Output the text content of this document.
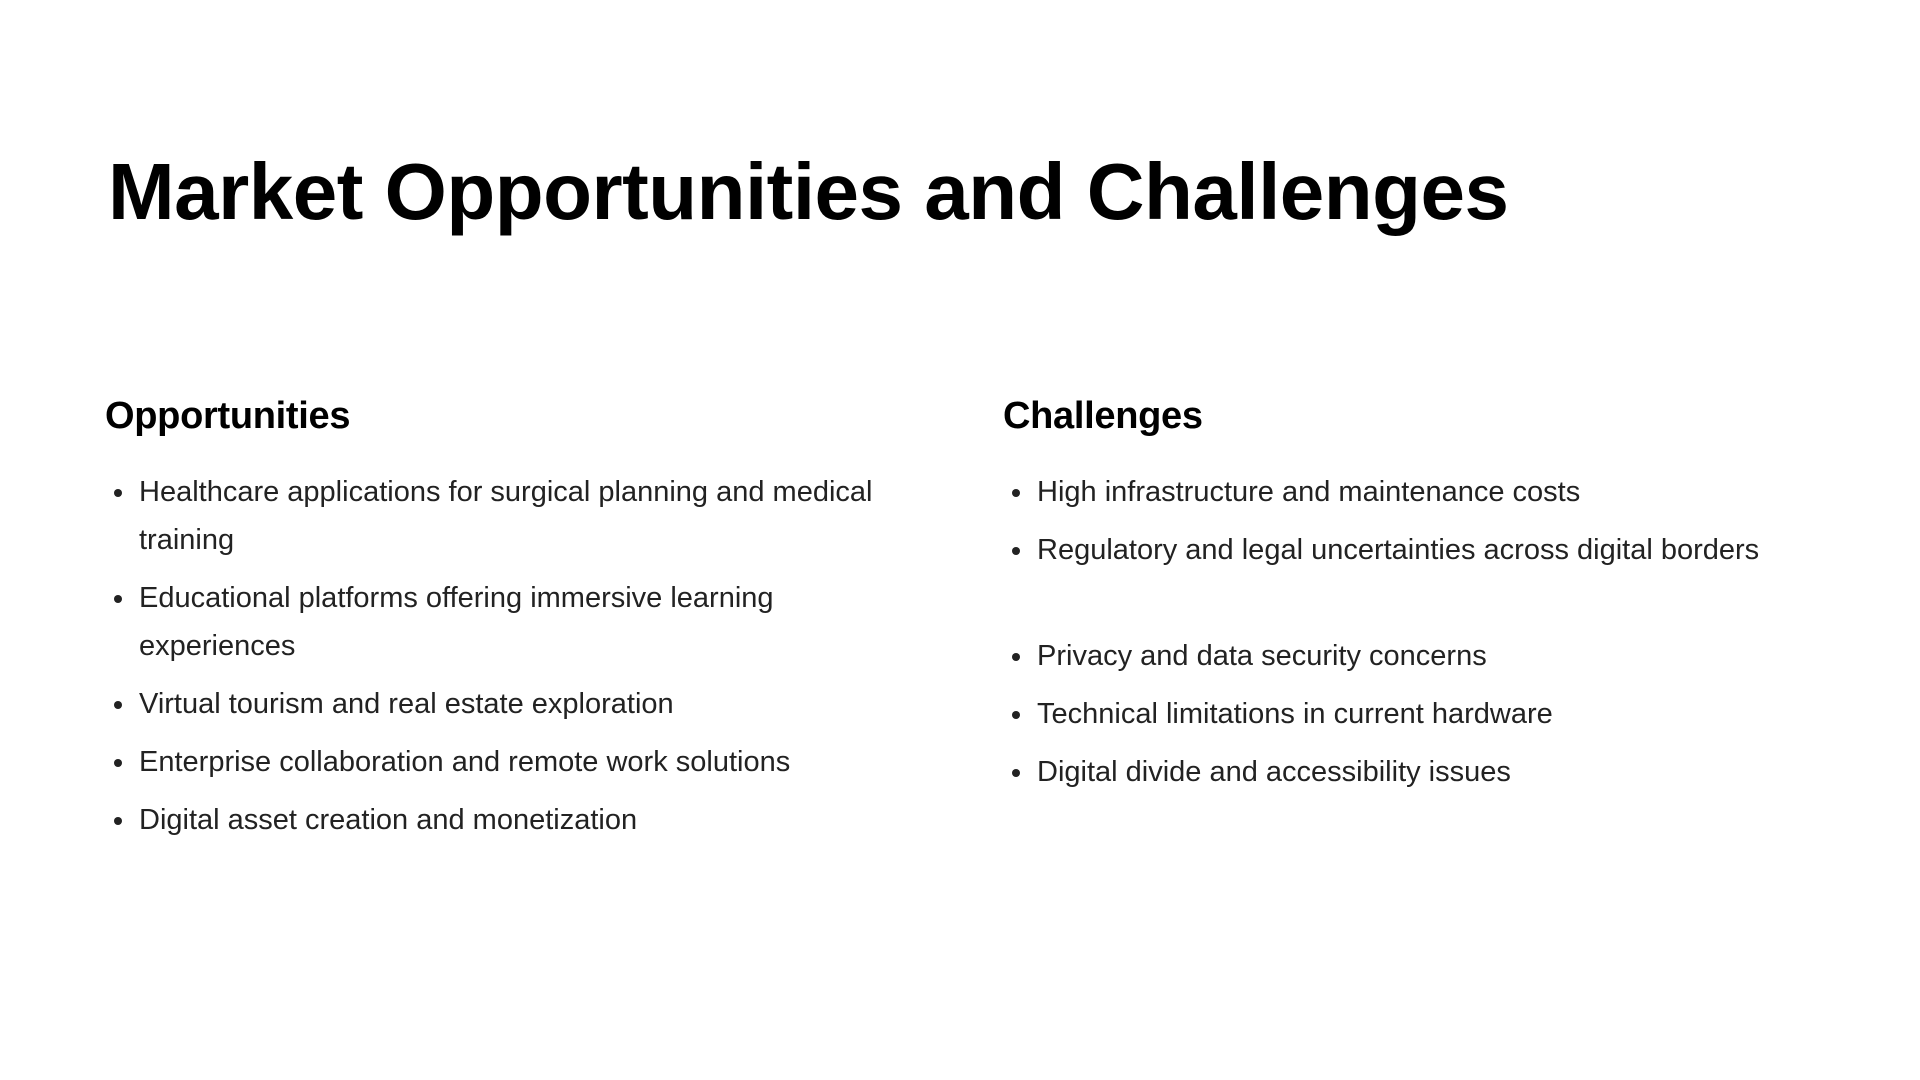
Market Opportunities and Challenges
Opportunities
Healthcare applications for surgical planning and medical training
Educational platforms offering immersive learning experiences
Virtual tourism and real estate exploration
Enterprise collaboration and remote work solutions
Digital asset creation and monetization
Challenges
High infrastructure and maintenance costs
Regulatory and legal uncertainties across digital borders
Privacy and data security concerns
Technical limitations in current hardware
Digital divide and accessibility issues
